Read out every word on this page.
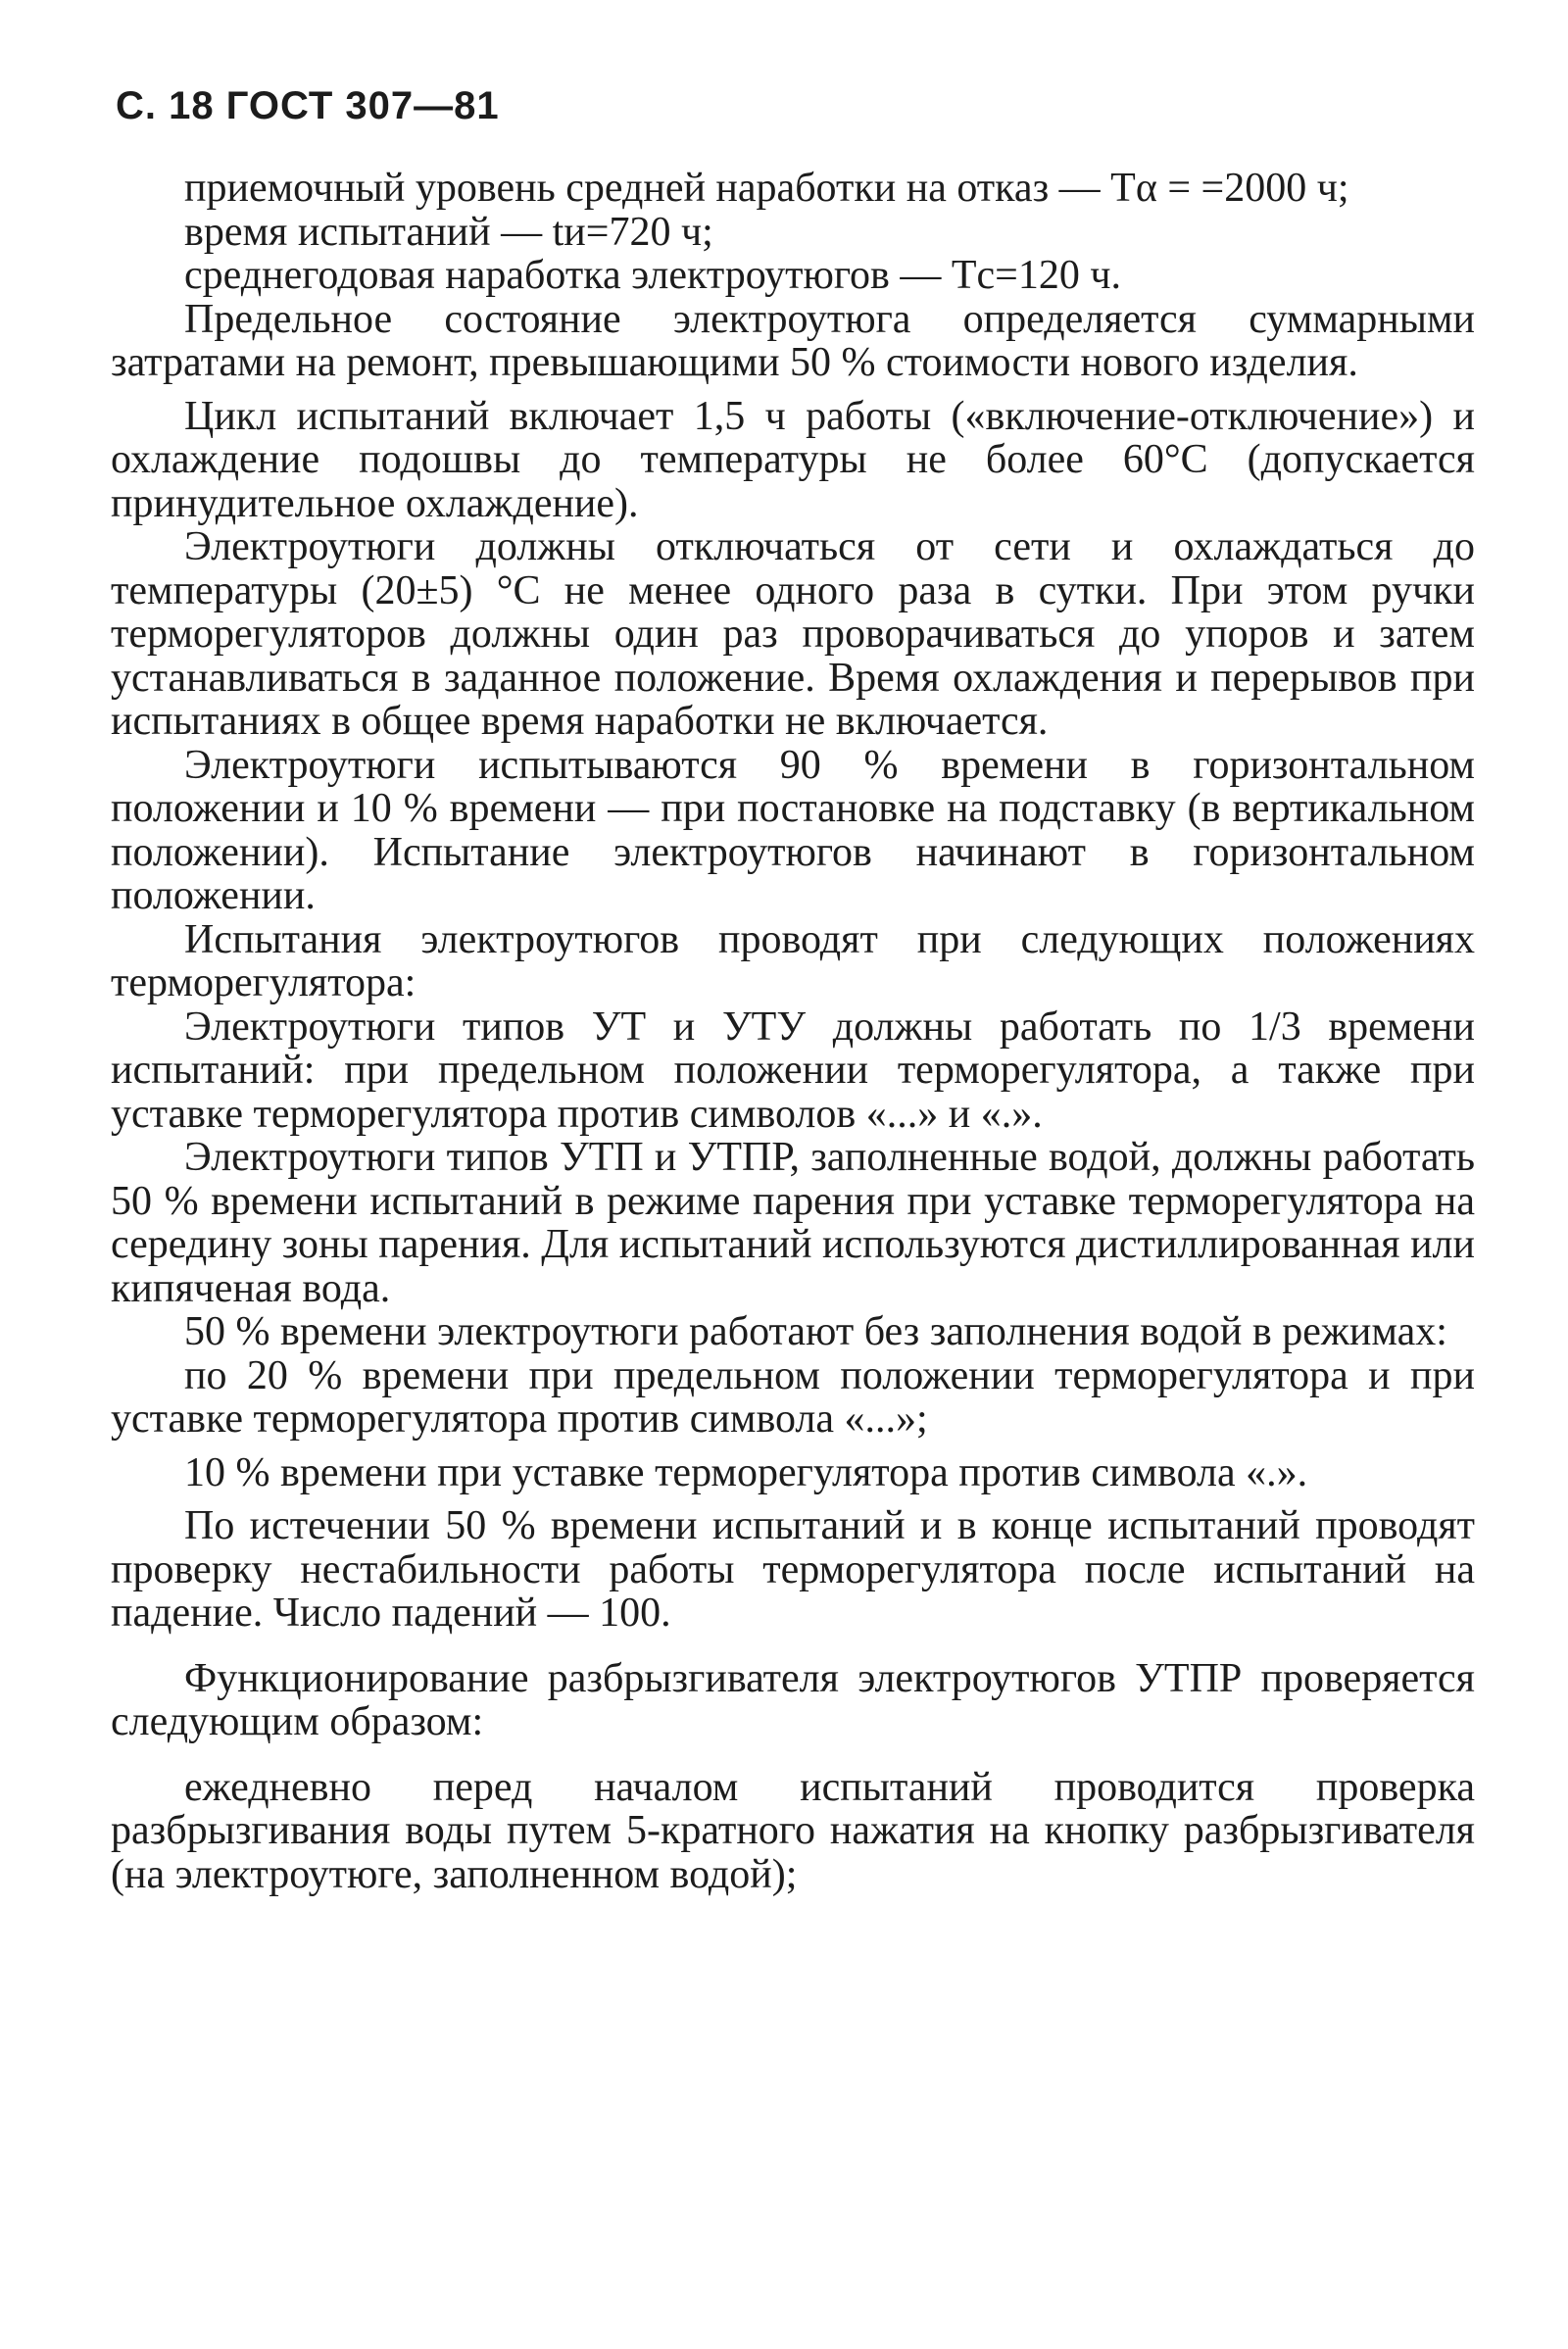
С. 18 ГОСТ 307—81

приемочный уровень средней наработки на отказ — Tα = =2000 ч;

время испытаний — tи=720 ч;

среднегодовая наработка электроутюгов — Tс=120 ч.

Предельное состояние электроутюга определяется суммарными затратами на ремонт, превышающими 50 % стоимости нового изделия.

Цикл испытаний включает 1,5 ч работы («включение-отключение») и охлаждение подошвы до температуры не более 60°С (допускается принудительное охлаждение).

Электроутюги должны отключаться от сети и охлаждаться до температуры (20±5) °С не менее одного раза в сутки. При этом ручки терморегуляторов должны один раз проворачиваться до упоров и затем устанавливаться в заданное положение. Время охлаждения и перерывов при испытаниях в общее время наработки не включается.

Электроутюги испытываются 90 % времени в горизонтальном положении и 10 % времени — при постановке на подставку (в вертикальном положении). Испытание электроутюгов начинают в горизонтальном положении.

Испытания электроутюгов проводят при следующих положениях терморегулятора:

Электроутюги типов УТ и УТУ должны работать по 1/3 времени испытаний: при предельном положении терморегулятора, а также при уставке терморегулятора против символов «...» и «.».

Электроутюги типов УТП и УТПР, заполненные водой, должны работать 50 % времени испытаний в режиме парения при уставке терморегулятора на середину зоны парения. Для испытаний используются дистиллированная или кипяченая вода.

50 % времени электроутюги работают без заполнения водой в режимах:

по 20 % времени при предельном положении терморегулятора и при уставке терморегулятора против символа «...»;

10 % времени при уставке терморегулятора против символа «.».

По истечении 50 % времени испытаний и в конце испытаний проводят проверку нестабильности работы терморегулятора после испытаний на падение. Число падений — 100.

Функционирование разбрызгивателя электроутюгов УТПР проверяется следующим образом:

ежедневно перед началом испытаний проводится проверка разбрызгивания воды путем 5-кратного нажатия на кнопку разбрызгивателя (на электроутюге, заполненном водой);
